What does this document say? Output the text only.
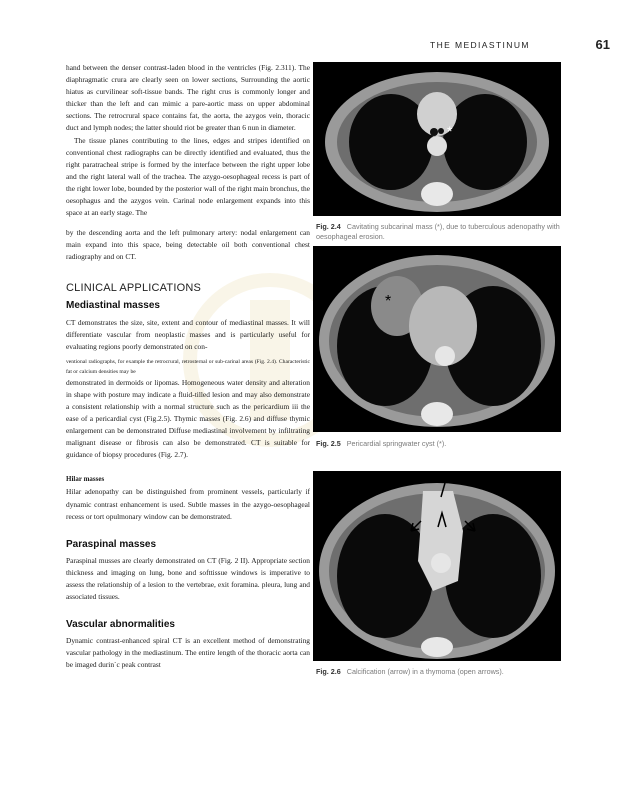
THE MEDIASTINUM	61

hand between the denser contrast-laden blood in the ventricles (Fig. 2.311). The diaphragmatic crura are clearly seen on lower sections, Surrounding the aortic hiatus as curvilinear soft-tissue bands. The right crus is commonly longer and thicker than the left and can mimic a pare-aortic mass on upper abdominal sections. The retrocrural space contains fat, the aorta, the azygos vein, thoracic duct and lymph nodes; the latter should riot be greater than 6 nun in diameter.

The tissue planes contributing to the lines, edges and stripes identified on conventional chest radiographs can be directly identified and evaluated, thus the right paratracheal stripe is formed by the interface between the right upper lobe and the right lateral wall of the trachea. The azygo-oesophageal recess is part of the right lower lobe, bounded by the posterior wall of the right main bronchus, the oesophagus and the azygos vein. Carinal node enlargement expands into this space at an early stage. The

by the descending aorta and the left pulmonary artery: nodal enlargement can main expand into this space, being detectable oil both conventional chest radiography and on CT.

CLINICAL APPLICATIONS

Mediastinal masses

CT demonstrates the size, site, extent and contour of mediastinal masses. It will differentiate vascular from neoplastic masses and is particularly useful for evaluating regions poorly demonstrated on con-

ventional radiographs, for example the retrocrural, retrosternal or sub-carinal areas (Fig. 2.4). Characteristic fat or calcium densities may be

demonstrated in dermoids or lipomas. Homogeneous water density and alteration in shape with posture may indicate a fluid-tilled lesion and may also demonstrate a consistent relationship with a normal structure such as the pericardium iii the ease of a pericardial cyst (Fig.2.5). Thymic masses (Fig. 2.6) and diffuse thymic enlargement can be demonstrated Diffuse mediastinal involvement by infiltrating malignant disease or fibrosis can also be demonstrated. CT is suitable for guidance of biopsy procedures (Fig. 2.7).

Hilar masses

Hilar adenopathy can be distinguished from prominent vessels, particularly if dynamic contrast enhancement is used. Subtle masses in the azygo-oesophageal recess or tort opulmonary window can be demonstrated.

Paraspinal masses

Paraspinal musses are clearly demonstrated on CT (Fig. 2 II). Appropriate section thickness and imaging on lung, bone and softtissue windows is imperative to assess the relationship of a lesion to the vertebrae, exit foramina. pleura, lung and associated tissues.

Vascular abnormalities

Dynamic contrast-enhanced spiral CT is an excellent method of demonstrating vascular pathology in the mediastinum. The entire length of the thoracic aorta can be imaged durin`c peak contrast

*
Fig. 2.4 Cavitating subcarinal mass (*), due to tuberculous adenopathy with oesophageal erosion.
*
Fig. 2.5 Pericardial springwater cyst (*).
Fig. 2.6 Calcification (arrow) in a thymoma (open arrows).
